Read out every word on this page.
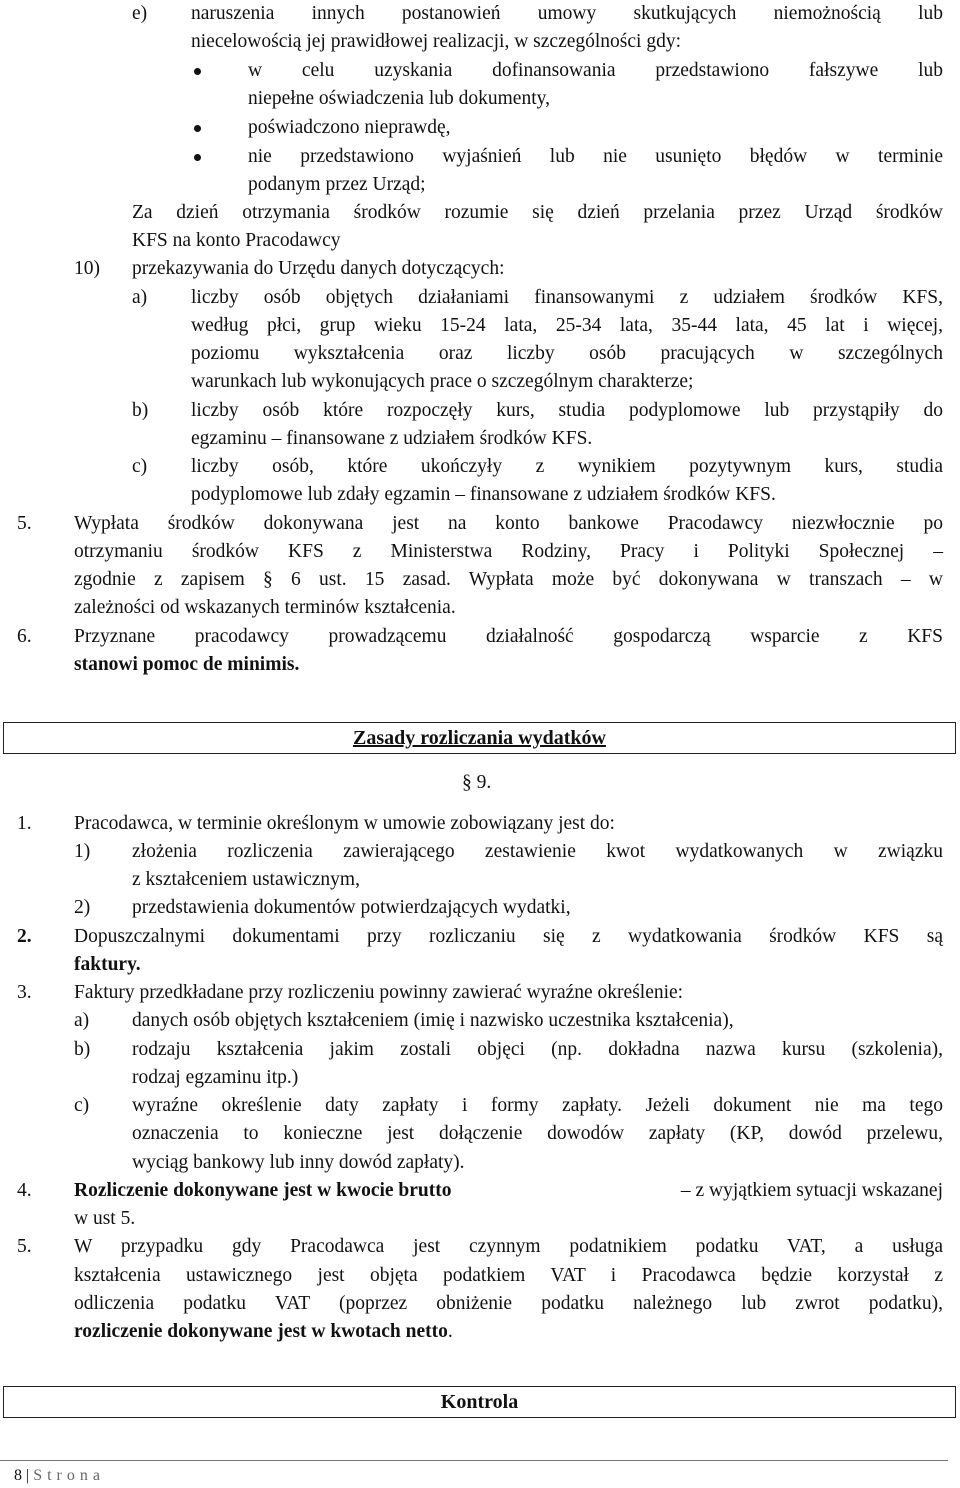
e) naruszenia innych postanowień umowy skutkujących niemożnością lub
niecelowością jej prawidłowej realizacji, w szczególności gdy:
w celu uzyskania dofinansowania przedstawiono fałszywe lub
niepełne oświadczenia lub dokumenty,
poświadczono nieprawdę,
nie przedstawiono wyjaśnień lub nie usunięto błędów w terminie
podanym przez Urząd;
Za dzień otrzymania środków rozumie się dzień przelania przez Urząd środków
KFS na konto Pracodawcy
10) przekazywania do Urzędu danych dotyczących:
a) liczby osób objętych działaniami finansowanymi z udziałem środków KFS,
według płci, grup wieku 15-24 lata, 25-34 lata, 35-44 lata, 45 lat i więcej,
poziomu wykształcenia oraz liczby osób pracujących w szczególnych
warunkach lub wykonujących prace o szczególnym charakterze;
b) liczby osób które rozpoczęły kurs, studia podyplomowe lub przystąpiły do
egzaminu – finansowane z udziałem środków KFS.
c) liczby osób, które ukończyły z wynikiem pozytywnym kurs, studia
podyplomowe lub zdały egzamin – finansowane z udziałem środków KFS.
5. Wypłata środków dokonywana jest na konto bankowe Pracodawcy niezwłocznie po
otrzymaniu środków KFS z Ministerstwa Rodziny, Pracy i Polityki Społecznej –
zgodnie z zapisem § 6 ust. 15 zasad. Wypłata może być dokonywana w transzach – w
zależności od wskazanych terminów kształcenia.
6. Przyznane pracodawcy prowadzącemu działalność gospodarczą wsparcie z KFS
stanowi pomoc de minimis.
Zasady rozliczania wydatków
§ 9.
1. Pracodawca, w terminie określonym w umowie zobowiązany jest do:
1) złożenia rozliczenia zawierającego zestawienie kwot wydatkowanych w związku
z kształceniem ustawicznym,
2) przedstawienia dokumentów potwierdzających wydatki,
2. Dopuszczalnymi dokumentami przy rozliczaniu się z wydatkowania środków KFS są
faktury.
3. Faktury przedkładane przy rozliczeniu powinny zawierać wyraźne określenie:
a) danych osób objętych kształceniem (imię i nazwisko uczestnika kształcenia),
b) rodzaju kształcenia jakim zostali objęci (np. dokładna nazwa kursu (szkolenia),
rodzaj egzaminu itp.)
c) wyraźne określenie daty zapłaty i formy zapłaty. Jeżeli dokument nie ma tego
oznaczenia to konieczne jest dołączenie dowodów zapłaty (KP, dowód przelewu,
wyciąg bankowy lub inny dowód zapłaty).
4. Rozliczenie dokonywane jest w kwocie brutto	– z wyjątkiem sytuacji wskazanej
w ust 5.
5. W przypadku gdy Pracodawca jest czynnym podatnikiem podatku VAT, a usługa
kształcenia ustawicznego jest objęta podatkiem VAT i Pracodawca będzie korzystał z
odliczenia podatku VAT (poprzez obniżenie podatku należnego lub zwrot podatku),
rozliczenie dokonywane jest w kwotach netto.
Kontrola
8 | Strona
